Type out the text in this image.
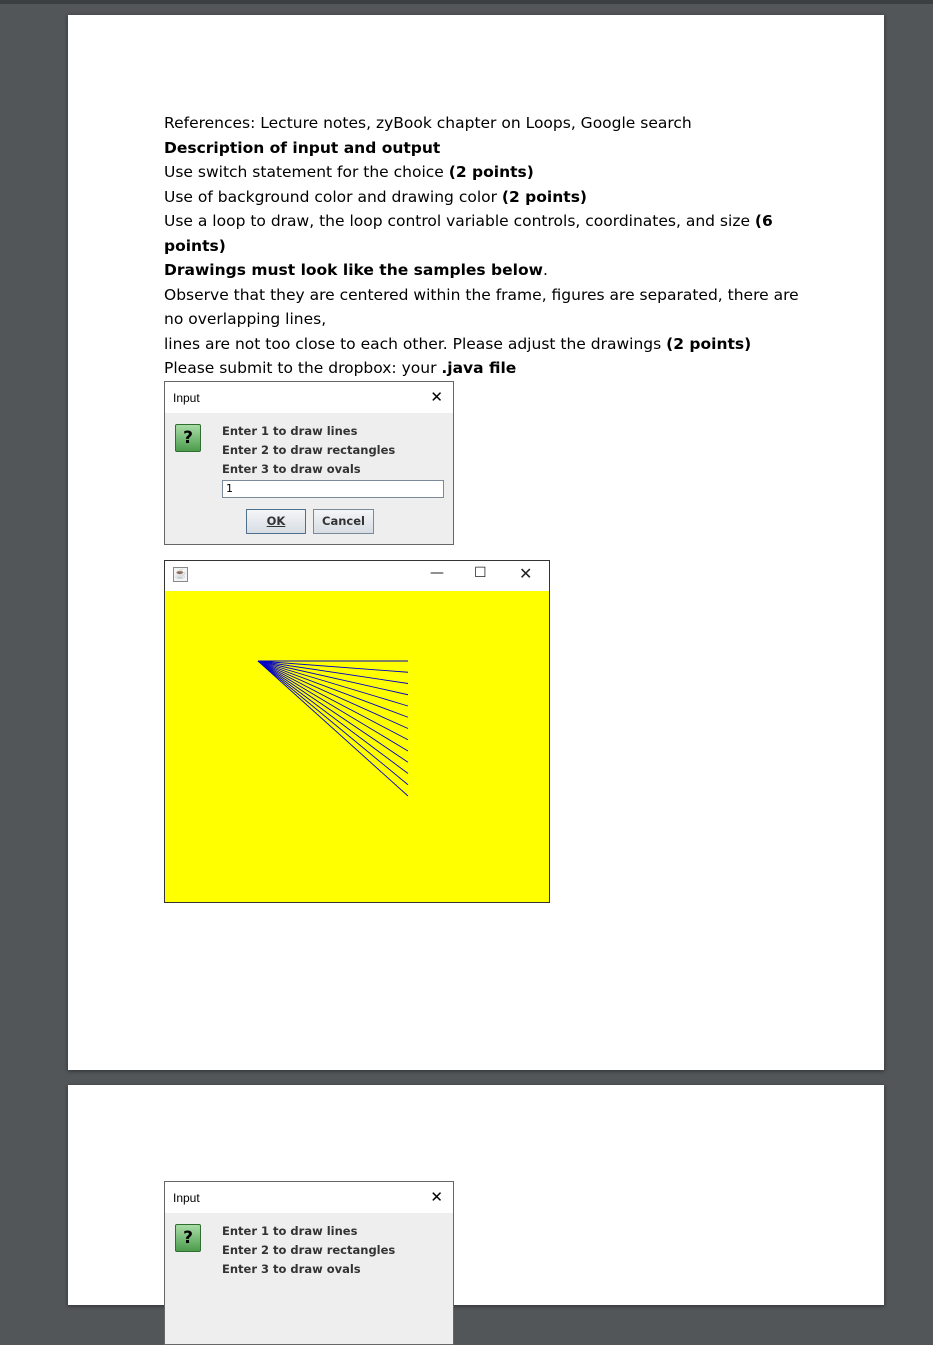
References: Lecture notes, zyBook chapter on Loops, Google search

Description of input and output

Use switch statement for the choice (2 points)

Use of background color and drawing color (2 points)

Use a loop to draw, the loop control variable controls, coordinates, and size (6
points)

Drawings must look like the samples below.

Observe that they are centered within the frame, figures are separated, there are
no overlapping lines,

lines are not too close to each other. Please adjust the drawings (2 points)

Please submit to the dropbox: your .java file

Input	✕
?	Enter 1 to draw lines
Enter 2 to draw rectangles
Enter 3 to draw ovals
1
OK	Cancel
☕	— ☐ ✕
Input	✕
?	Enter 1 to draw lines
Enter 2 to draw rectangles
Enter 3 to draw ovals
